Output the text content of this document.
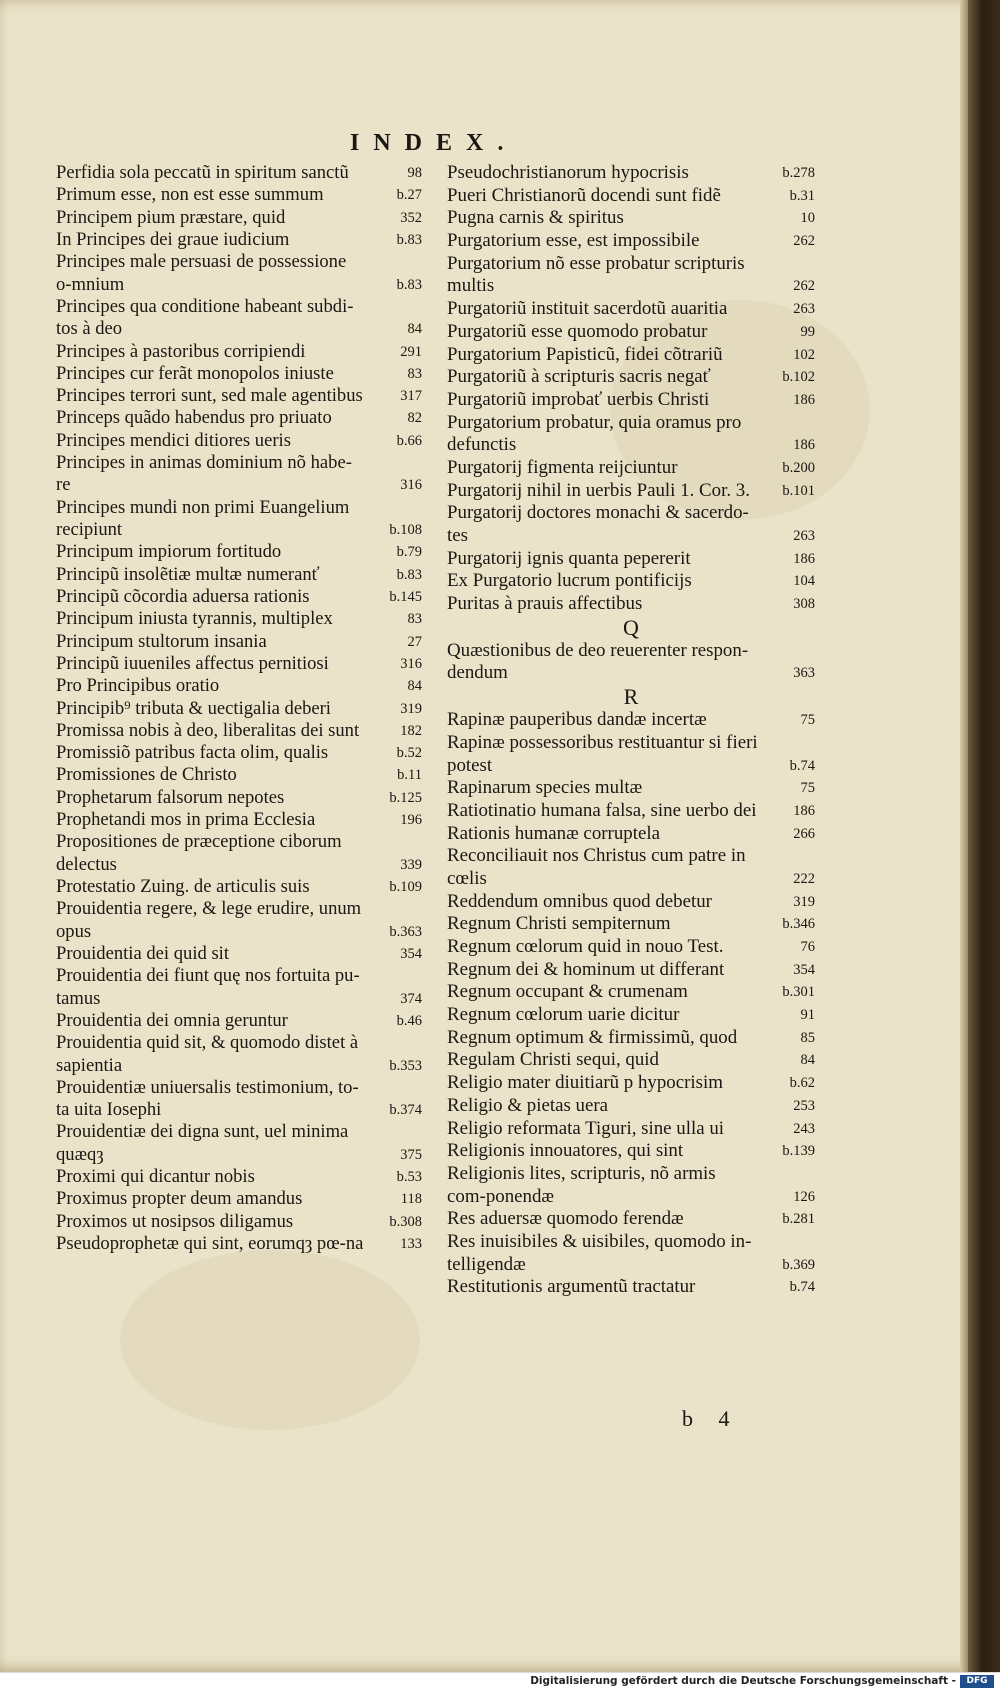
INDEX.
Perfidia sola peccatũ in spiritum sanctũ	98
Primum esse, non est esse summum	b.27
Principem pium præstare, quid	352
In Principes dei graue iudicium	b.83
Principes male persuasi de possessione o-mnium	b.83
Principes qua conditione habeant subdi-tos à deo	84
Principes à pastoribus corripiendi	291
Principes cur ferãt monopolos iniuste	83
Principes terrori sunt, sed male agentibus	317
Princeps quãdo habendus pro priuato	82
Principes mendici ditiores ueris	b.66
Principes in animas dominium nõ habe-re	316
Principes mundi non primi Euangelium recipiunt	b.108
Principum impiorum fortitudo	b.79
Principũ insolẽtiæ multæ numeranť	b.83
Principũ cõcordia aduersa rationis	b.145
Principum iniusta tyrannis, multiplex	83
Principum stultorum insania	27
Principũ iuueniles affectus pernitiosi	316
Pro Principibus oratio	84
Principib⁹ tributa & uectigalia deberi	319
Promissa nobis à deo, liberalitas dei sunt	182
Promissiõ patribus facta olim, qualis	b.52
Promissiones de Christo	b.11
Prophetarum falsorum nepotes	b.125
Prophetandi mos in prima Ecclesia	196
Propositiones de præceptione ciborum delectus	339
Protestatio Zuing. de articulis suis	b.109
Prouidentia regere, & lege erudire, unum opus	b.363
Prouidentia dei quid sit	354
Prouidentia dei fiunt quę nos fortuita pu-tamus	374
Prouidentia dei omnia geruntur	b.46
Prouidentia quid sit, & quomodo distet à sapientia	b.353
Prouidentiæ uniuersalis testimonium, to-ta uita Iosephi	b.374
Prouidentiæ dei digna sunt, uel minima quæqȝ	375
Proximi qui dicantur nobis	b.53
Proximus propter deum amandus	118
Proximos ut nosipsos diligamus	b.308
Pseudoprophetæ qui sint, eorumqȝ pœ-na	133
Pseudochristianorum hypocrisis	b.278
Pueri Christianorũ docendi sunt fidẽ	b.31
Pugna carnis & spiritus	10
Purgatorium esse, est impossibile	262
Purgatorium nõ esse probatur scripturis multis	262
Purgatoriũ instituit sacerdotũ auaritia	263
Purgatoriũ esse quomodo probatur	99
Purgatorium Papisticũ, fidei cõtrariũ	102
Purgatoriũ à scripturis sacris negať	b.102
Purgatoriũ improbať uerbis Christi	186
Purgatorium probatur, quia oramus pro defunctis	186
Purgatorij figmenta reijciuntur	b.200
Purgatorij nihil in uerbis Pauli 1. Cor. 3.	b.101
Purgatorij doctores monachi & sacerdo-tes	263
Purgatorij ignis quanta pepererit	186
Ex Purgatorio lucrum pontificijs	104
Puritas à prauis affectibus	308
Q
Quæstionibus de deo reuerenter respon-dendum	363
R
Rapinæ pauperibus dandæ incertæ	75
Rapinæ possessoribus restituantur si fieri potest	b.74
Rapinarum species multæ	75
Ratiotinatio humana falsa, sine uerbo dei	186
Rationis humanæ corruptela	266
Reconciliauit nos Christus cum patre in cœlis	222
Reddendum omnibus quod debetur	319
Regnum Christi sempiternum	b.346
Regnum cœlorum quid in nouo Test.	76
Regnum dei & hominum ut differant	354
Regnum occupant & crumenam	b.301
Regnum cœlorum uarie dicitur	91
Regnum optimum & firmissimũ, quod	85
Regulam Christi sequi, quid	84
Religio mater diuitiarũ p hypocrisim	b.62
Religio & pietas uera	253
Religio reformata Tiguri, sine ulla ui	243
Religionis innouatores, qui sint	b.139
Religionis lites, scripturis, nõ armis com-ponendæ	126
Res aduersæ quomodo ferendæ	b.281
Res inuisibiles & uisibiles, quomodo in-telligendæ	b.369
Restitutionis argumentũ tractatur	b.74
b 4
Digitalisierung gefördert durch die Deutsche Forschungsgemeinschaft -	DFG
